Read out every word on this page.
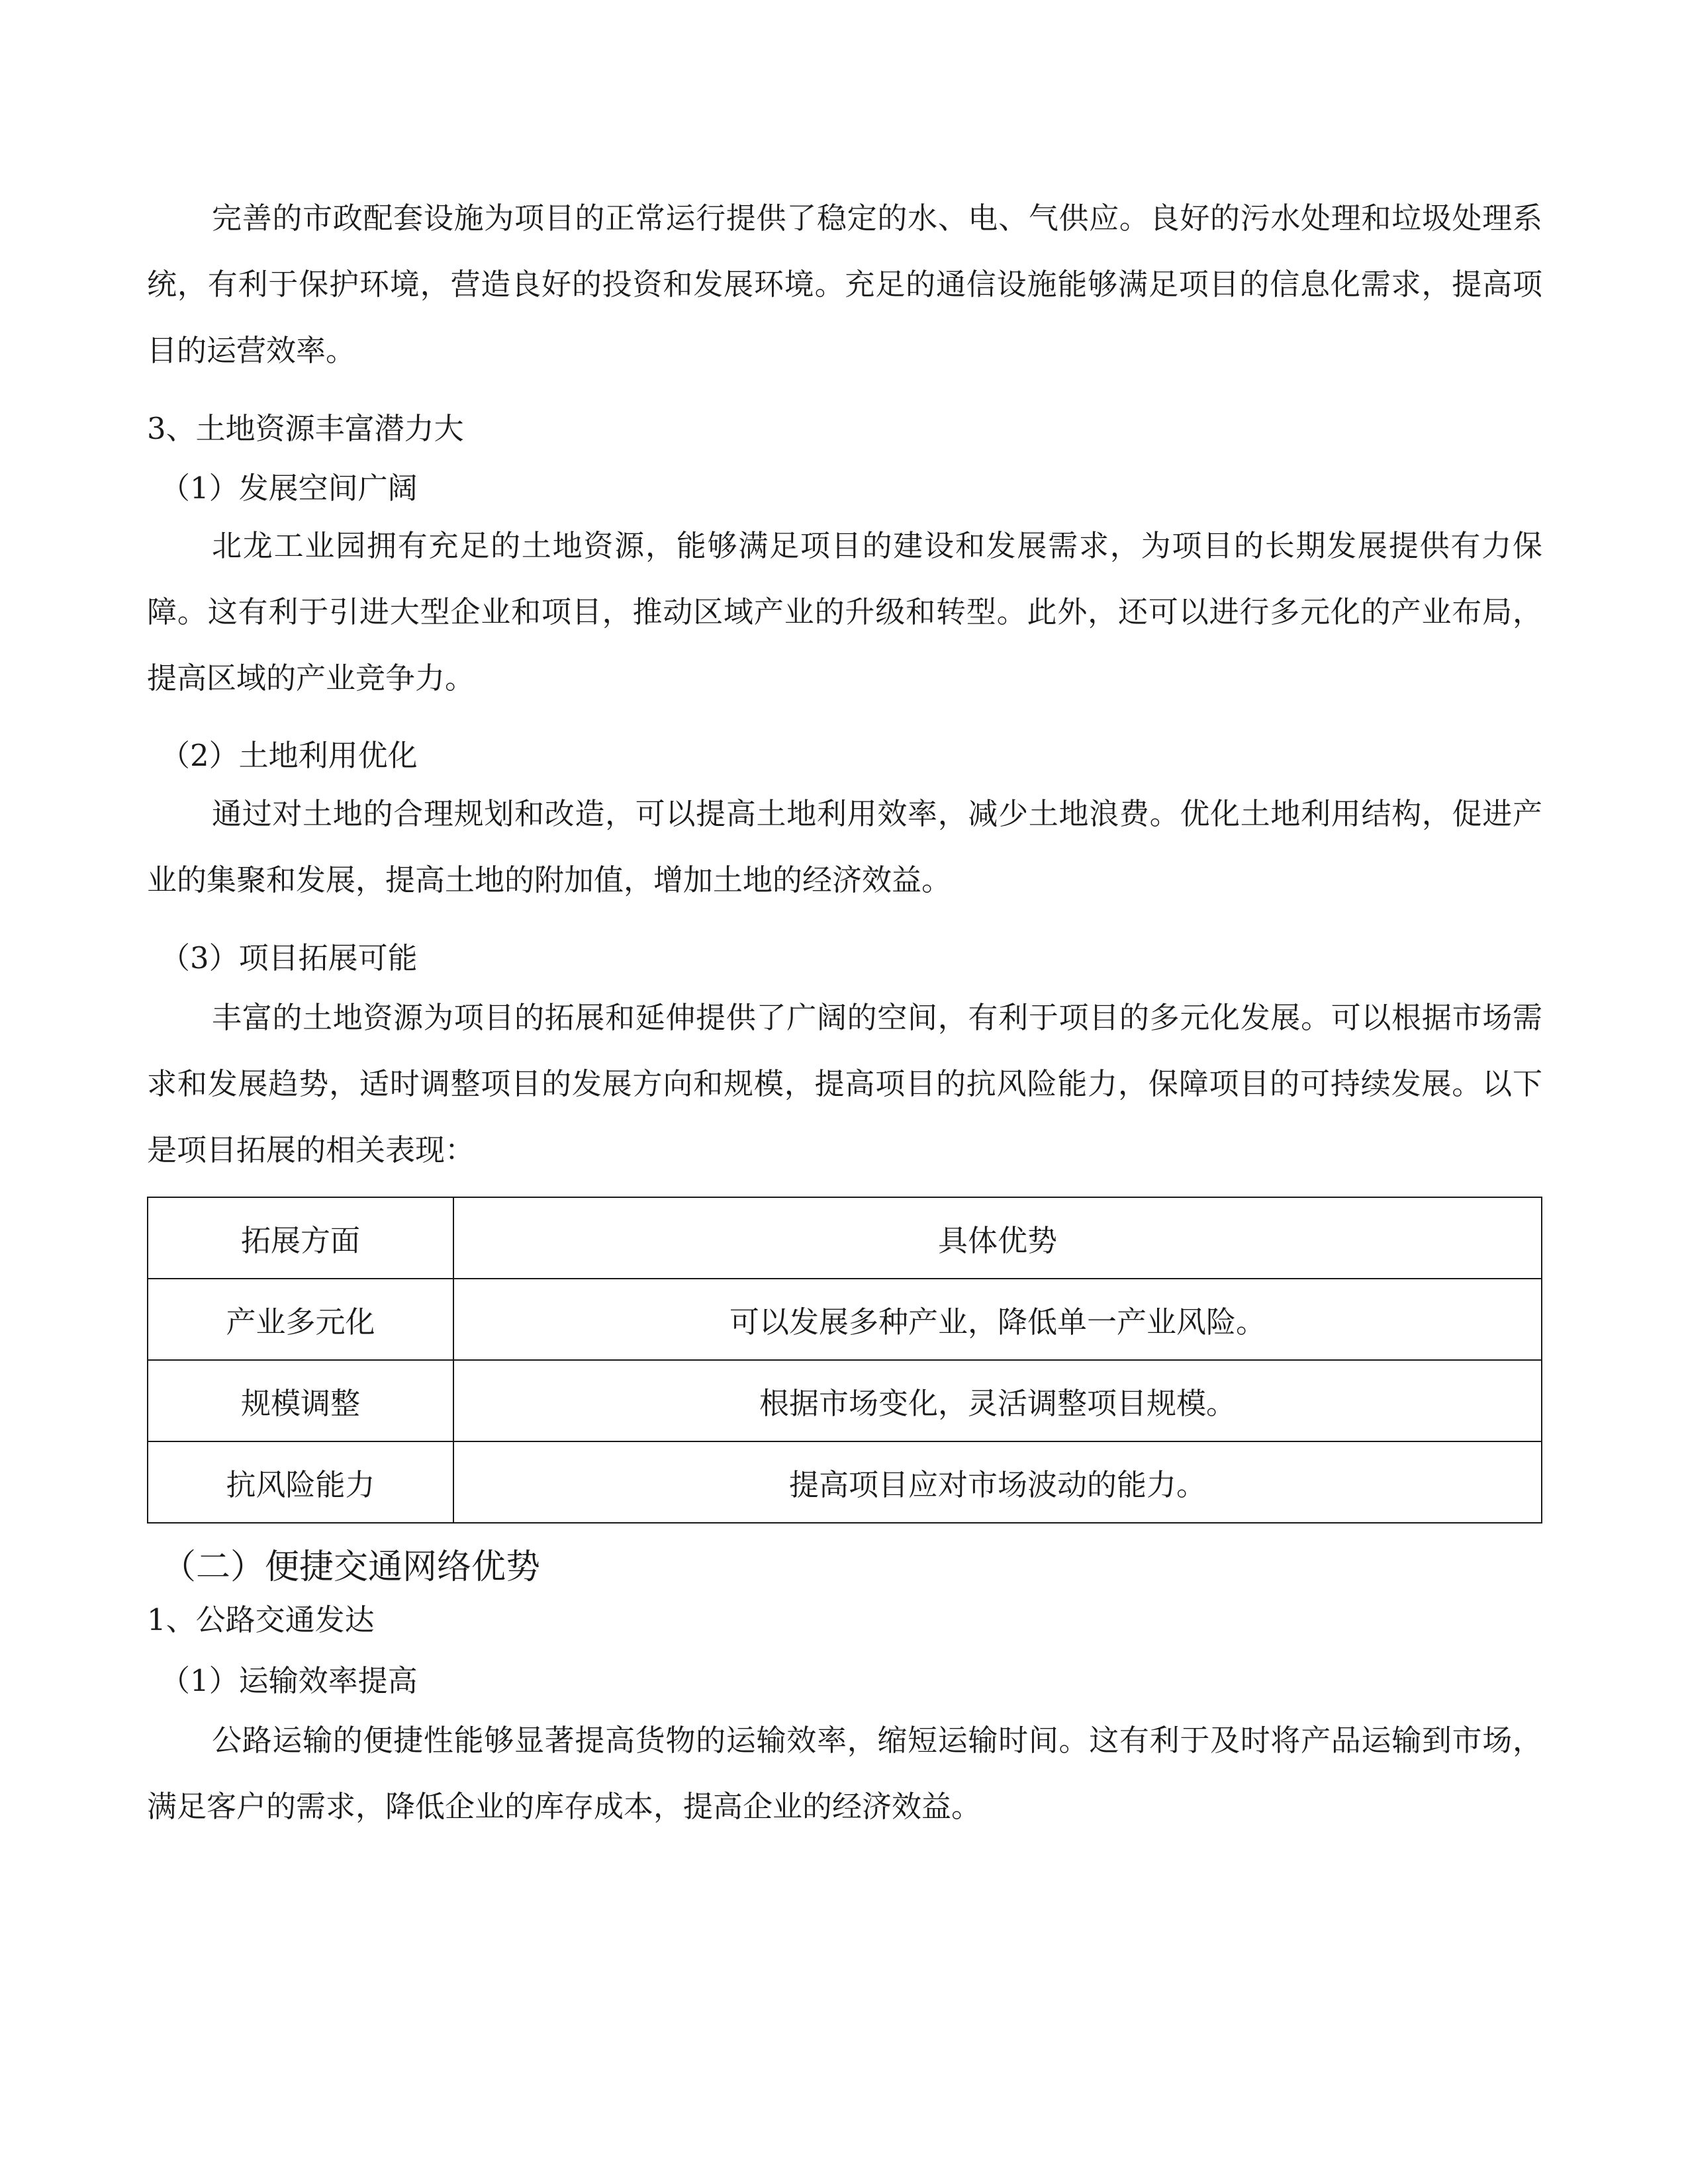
完善的市政配套设施为项目的正常运行提供了稳定的水、电、气供应。良好的污水处理和垃圾处理系统，有利于保护环境，营造良好的投资和发展环境。充足的通信设施能够满足项目的信息化需求，提高项目的运营效率。

3、土地资源丰富潜力大

（1）发展空间广阔

北龙工业园拥有充足的土地资源，能够满足项目的建设和发展需求，为项目的长期发展提供有力保障。这有利于引进大型企业和项目，推动区域产业的升级和转型。此外，还可以进行多元化的产业布局，提高区域的产业竞争力。

（2）土地利用优化

通过对土地的合理规划和改造，可以提高土地利用效率，减少土地浪费。优化土地利用结构，促进产业的集聚和发展，提高土地的附加值，增加土地的经济效益。

（3）项目拓展可能

丰富的土地资源为项目的拓展和延伸提供了广阔的空间，有利于项目的多元化发展。可以根据市场需求和发展趋势，适时调整项目的发展方向和规模，提高项目的抗风险能力，保障项目的可持续发展。以下是项目拓展的相关表现：

拓展方面	具体优势
产业多元化	可以发展多种产业，降低单一产业风险。
规模调整	根据市场变化，灵活调整项目规模。
抗风险能力	提高项目应对市场波动的能力。

（二）便捷交通网络优势

1、公路交通发达

（1）运输效率提高

公路运输的便捷性能够显著提高货物的运输效率，缩短运输时间。这有利于及时将产品运输到市场，满足客户的需求，降低企业的库存成本，提高企业的经济效益。
